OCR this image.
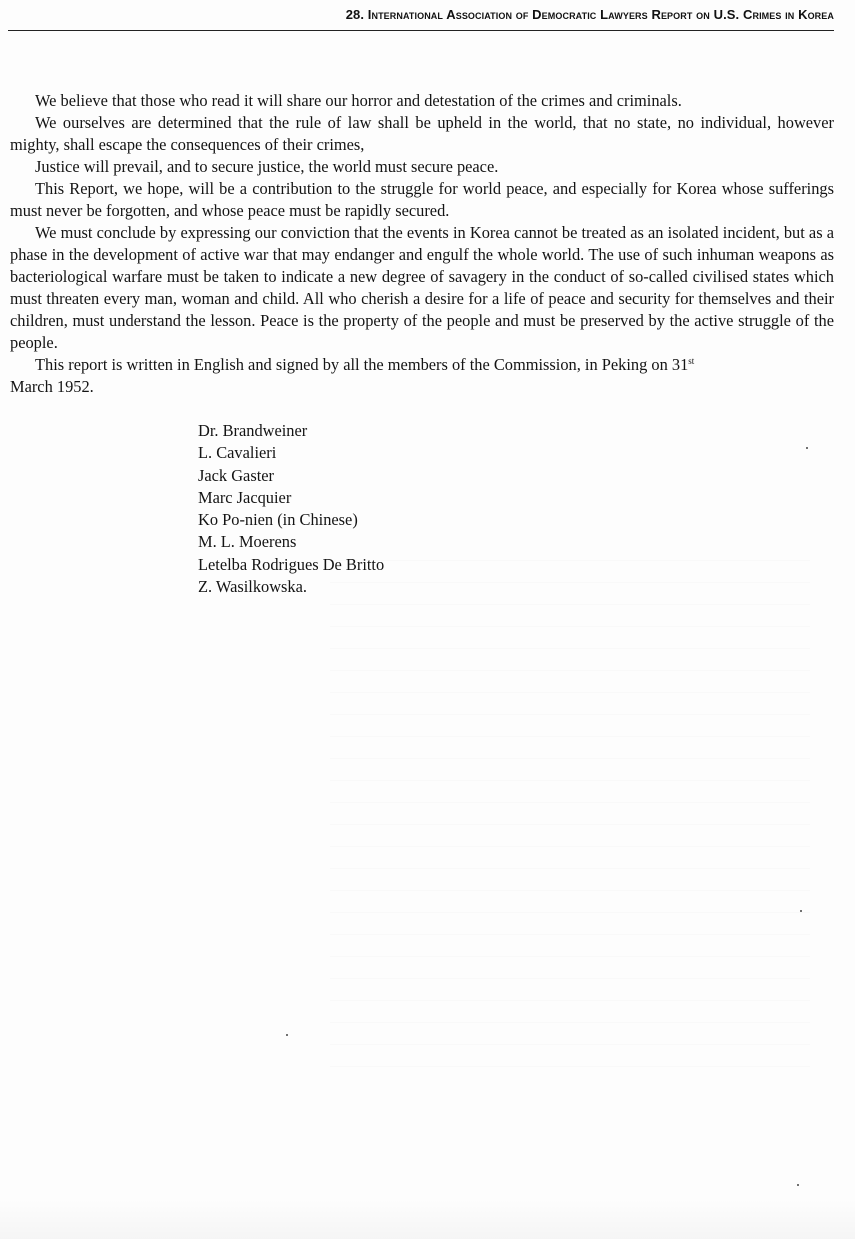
28. International Association of Democratic Lawyers Report on U.S. Crimes in Korea

We believe that those who read it will share our horror and detestation of the crimes and criminals.

We ourselves are determined that the rule of law shall be upheld in the world, that no state, no individual, however mighty, shall escape the consequences of their crimes,

Justice will prevail, and to secure justice, the world must secure peace.

This Report, we hope, will be a contribution to the struggle for world peace, and especially for Korea whose sufferings must never be forgotten, and whose peace must be rapidly secured.

We must conclude by expressing our conviction that the events in Korea cannot be treated as an isolated incident, but as a phase in the development of active war that may endanger and engulf the whole world. The use of such inhuman weapons as bacteriological warfare must be taken to indicate a new degree of savagery in the conduct of so-called civilised states which must threaten every man, woman and child. All who cherish a desire for a life of peace and security for themselves and their children, must understand the lesson. Peace is the property of the people and must be preserved by the active struggle of the people.

This report is written in English and signed by all the members of the Commission, in Peking on 31st
March 1952.

Dr. Brandweiner
L. Cavalieri
Jack Gaster
Marc Jacquier
Ko Po-nien (in Chinese)
M. L. Moerens
Letelba Rodrigues De Britto
Z. Wasilkowska.
